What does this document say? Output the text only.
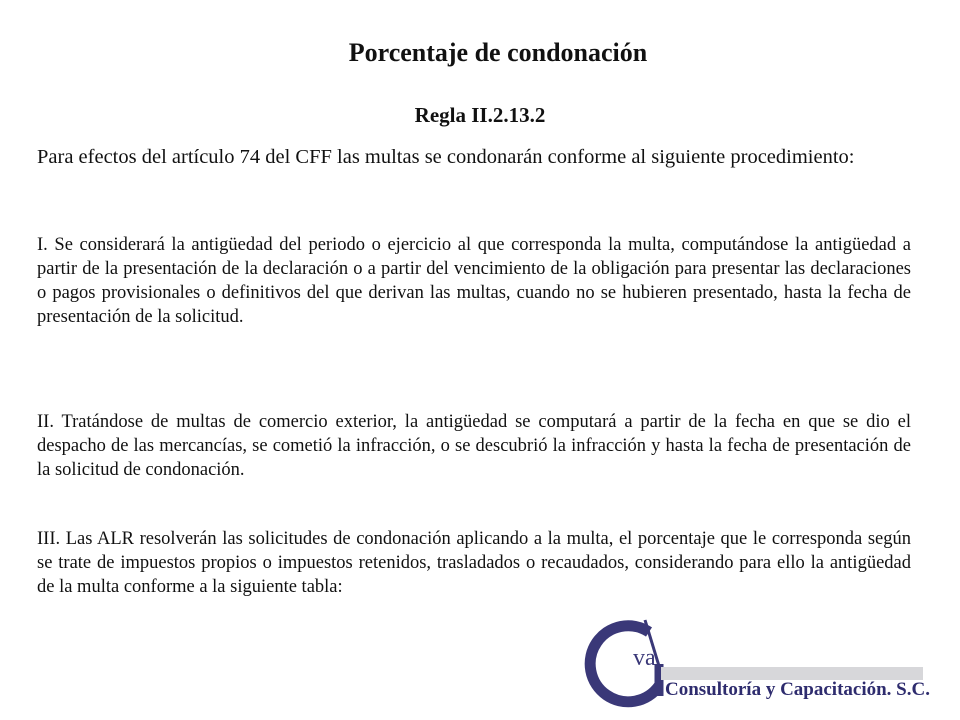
Porcentaje de condonación
Regla II.2.13.2

Para efectos del artículo 74 del CFF las multas se condonarán conforme al siguiente procedimiento:

I. Se considerará la antigüedad del periodo o ejercicio al que corresponda la multa, computándose la antigüedad a partir de la presentación de la declaración o a partir del vencimiento de la obligación para presentar las declaraciones o pagos provisionales o definitivos del que derivan las multas, cuando no se hubieren presentado, hasta la fecha de presentación de la solicitud.

II. Tratándose de multas de comercio exterior, la antigüedad se computará a partir de la fecha en que se dio el despacho de las mercancías, se cometió la infracción, o se descubrió la infracción y hasta la fecha de presentación de la solicitud de condonación.

III. Las ALR resolverán las solicitudes de condonación aplicando a la multa, el porcentaje que le corresponda según se trate de impuestos propios o impuestos retenidos, trasladados o recaudados, considerando para ello la antigüedad de la multa conforme a la siguiente tabla:

va
Consultoría y Capacitación. S.C.
